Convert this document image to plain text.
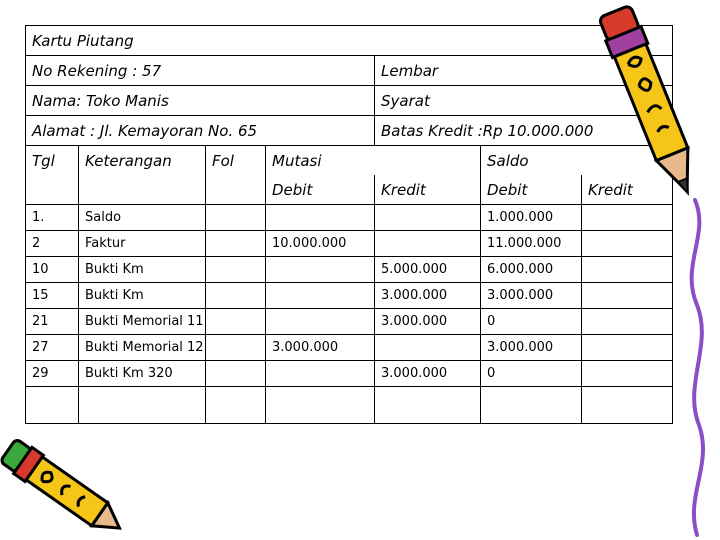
Kartu Piutang						
No Rekening : 57				Lembar		
Nama: Toko Manis				Syarat		
Alamat : Jl. Kemayoran No. 65				Batas Kredit :Rp 10.000.000		
Tgl	Keterangan	Fol	Mutasi		Saldo	
			Debit	Kredit	Debit	Kredit
1.	Saldo				1.000.000	
2	Faktur		10.000.000		11.000.000	
10	Bukti Km			5.000.000	6.000.000	
15	Bukti Km			3.000.000	3.000.000	
21	Bukti Memorial 11			3.000.000	0	
27	Bukti Memorial 12		3.000.000		3.000.000	
29	Bukti Km 320			3.000.000	0	
